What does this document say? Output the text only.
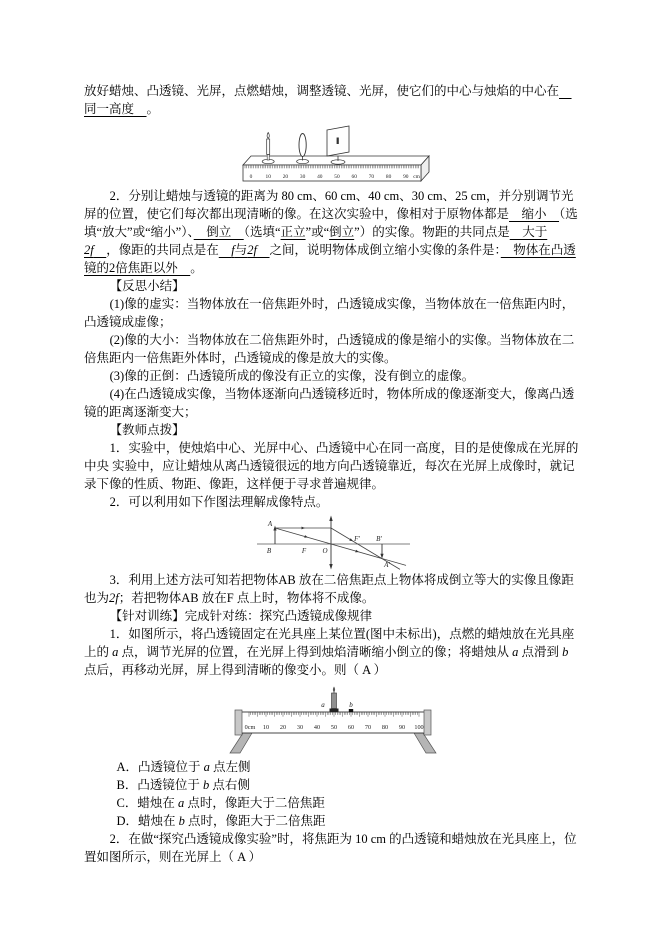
放好蜡烛、凸透镜、光屏，点燃蜡烛，调整透镜、光屏，使它们的中心与烛焰的中心在　同一高度　。

0 10 20 30 40 50 60 70 80 90 cm

2．分别让蜡烛与透镜的距离为 80 cm、60 cm、40 cm、30 cm、25 cm，并分别调节光屏的位置，使它们每次都出现清晰的像。在这次实验中，像相对于原物体都是　缩小　（选填“放大”或“缩小”）、　倒立　（选填“正立”或“倒立”）的实像。物距的共同点是　大于 2f　 ，像距的共同点是在　 f与2f　 之间，说明物体成倒立缩小实像的条件是：　物体在凸透镜的2倍焦距以外　。

【反思小结】

(1)像的虚实：当物体放在一倍焦距外时，凸透镜成实像，当物体放在一倍焦距内时，凸透镜成虚像；

(2)像的大小：当物体放在二倍焦距外时，凸透镜成的像是缩小的实像。当物体放在二倍焦距内一倍焦距外体时，凸透镜成的像是放大的实像。

(3)像的正倒：凸透镜所成的像没有正立的实像，没有倒立的虚像。

(4)在凸透镜成实像，当物体逐渐向凸透镜移近时，物体所成的像逐渐变大，像离凸透镜的距离逐渐变大；

【教师点拨】

1．实验中，使烛焰中心、光屏中心、凸透镜中心在同一高度，目的是使像成在光屏的中央 实验中，应让蜡烛从离凸透镜很远的地方向凸透镜靠近，每次在光屏上成像时，就记录下像的性质、物距、像距，这样便于寻求普遍规律。

2．可以利用如下作图法理解成像特点。

A
B	F O
F′ B′
A′

3．利用上述方法可知若把物体AB 放在二倍焦距点上物体将成倒立等大的实像且像距也为2f；若把物体AB 放在F 点上时，物体将不成像。

【针对训练】完成针对练：探究凸透镜成像规律

1．如图所示，将凸透镜固定在光具座上某位置(图中未标出)，点燃的蜡烛放在光具座上的 a 点，调节光屏的位置，在光屏上得到烛焰清晰缩小倒立的像；将蜡烛从 a 点滑到 b 点后，再移动光屏，屏上得到清晰的像变小。则（ A ）

0cm 10 20 30 40 50 60 70 80 90 100
a	b

A．凸透镜位于 a 点左侧

B．凸透镜位于 b 点右侧

C．蜡烛在 a 点时，像距大于二倍焦距

D．蜡烛在 b 点时，像距大于二倍焦距

2．在做“探究凸透镜成像实验”时，将焦距为 10 cm 的凸透镜和蜡烛放在光具座上，位置如图所示，则在光屏上（ A ）
